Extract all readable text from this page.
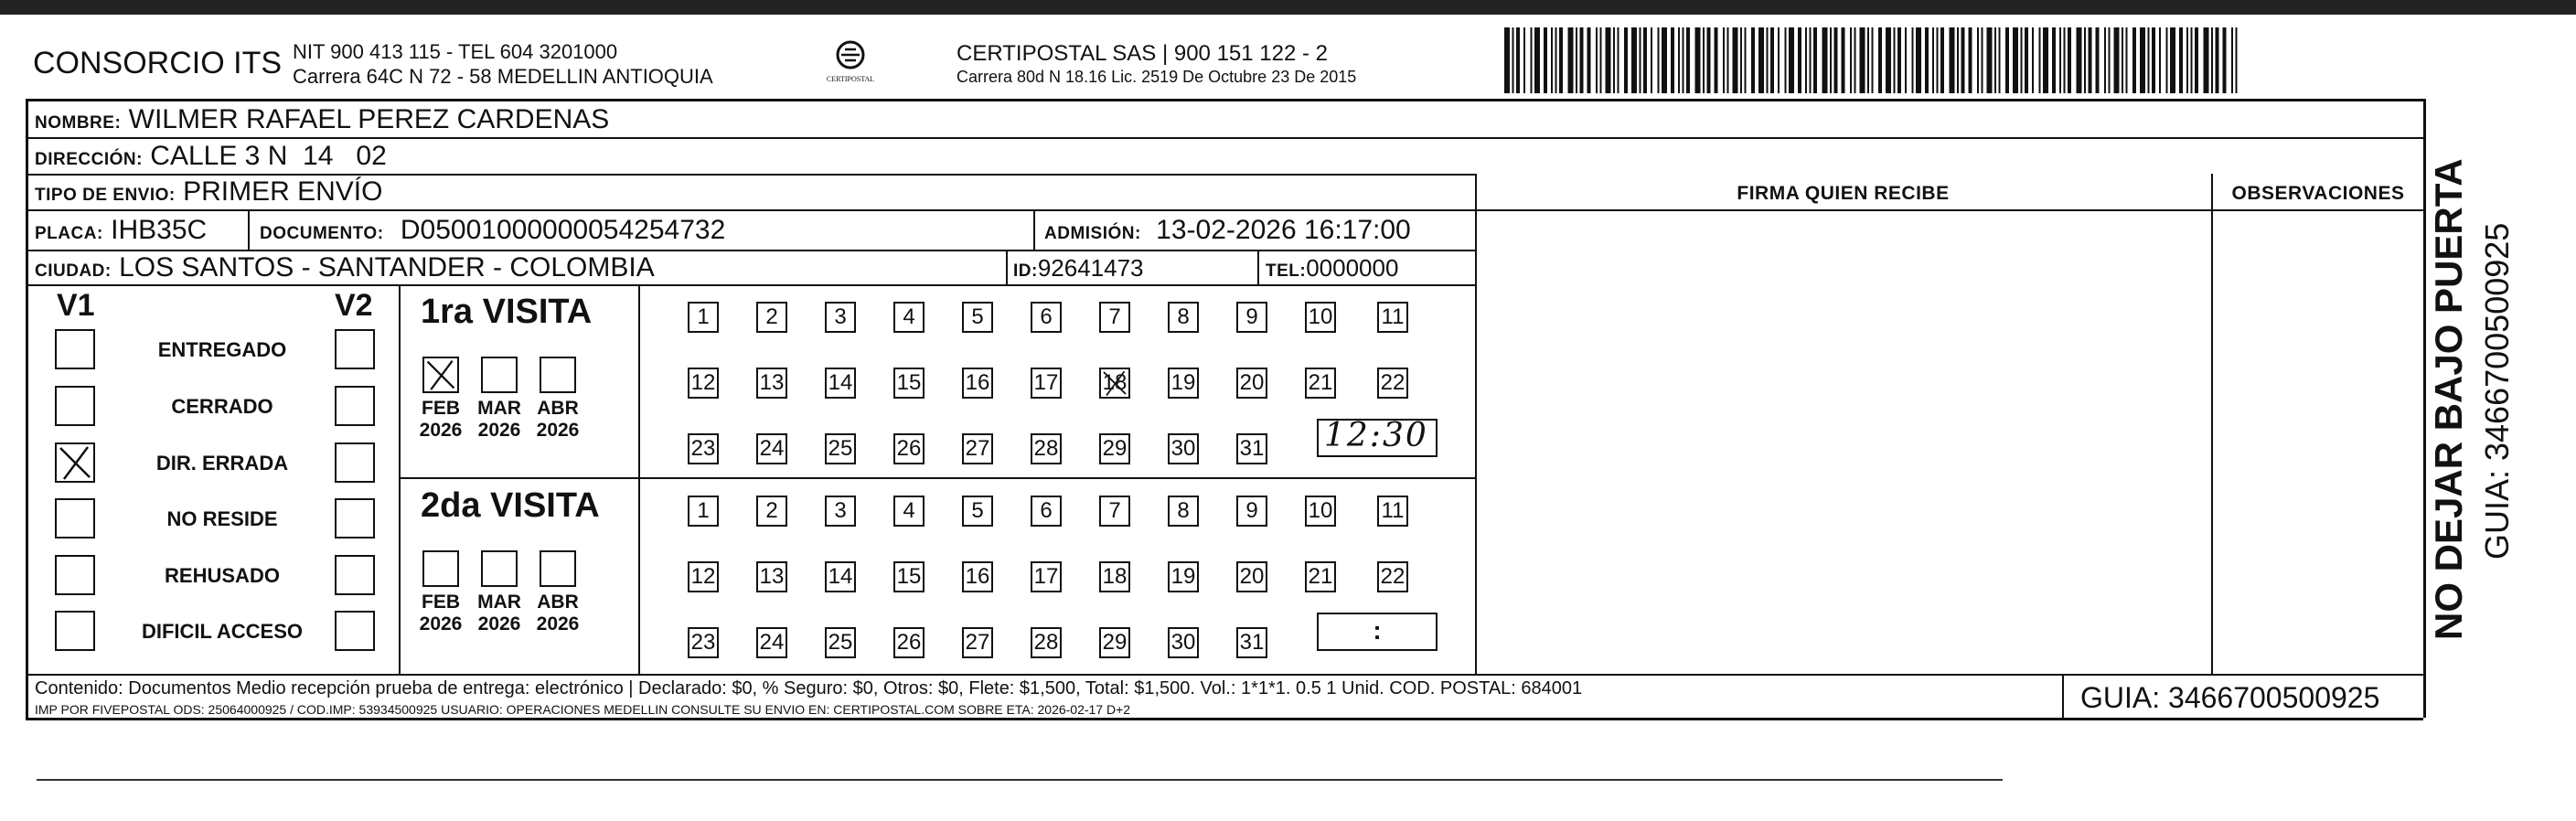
CONSORCIO ITS NIT 900 413 115 - TEL 604 3201000
Carrera 64C N 72 - 58 MEDELLIN ANTIOQUIA	CERTIPOSTAL
CERTIPOSTAL SAS | 900 151 122 - 2
Carrera 80d N 18.16 Lic. 2519 De Octubre 23 De 2015
NOMBRE: WILMER RAFAEL PEREZ CARDENAS
DIRECCIÓN: CALLE 3 N  14   02
TIPO DE ENVIO: PRIMER ENVÍO
PLACA: IHB35C	DOCUMENTO: D05001000000054254732	ADMISIÓN: 13-02-2026 16:17:00
CIUDAD: LOS SANTOS - SANTANDER - COLOMBIA	ID:92641473	TEL:0000000
FIRMA QUIEN RECIBE	OBSERVACIONES
V1	V2
ENTREGADO
CERRADO
DIR. ERRADA
NO RESIDE
REHUSADO
DIFICIL ACCESO
1ra VISITA
2da VISITA
FEB
2026
MAR
2026
ABR
2026
FEB
2026
MAR
2026
ABR
2026
1	2	3	4	5	6	7	8	9	10 11
12 13 14 15 16 17 18 19 20 21 22
23 24 25 26 27 28 29 30 31
1	2	3	4	5	6	7	8	9	10 11
12 13 14 15 16 17 18 19 20 21 22
23 24 25 26 27 28 29 30 31
12:30
:
Contenido: Documentos Medio recepción prueba de entrega: electrónico | Declarado: $0, % Seguro: $0, Otros: $0, Flete: $1,500, Total: $1,500. Vol.: 1*1*1. 0.5 1 Unid. COD. POSTAL: 684001
IMP POR FIVEPOSTAL ODS: 25064000925 / COD.IMP: 53934500925 USUARIO: OPERACIONES MEDELLIN CONSULTE SU ENVIO EN: CERTIPOSTAL.COM SOBRE ETA: 2026-02-17 D+2	GUIA: 3466700500925
NO DEJAR BAJO PUERTA GUIA: 3466700500925
